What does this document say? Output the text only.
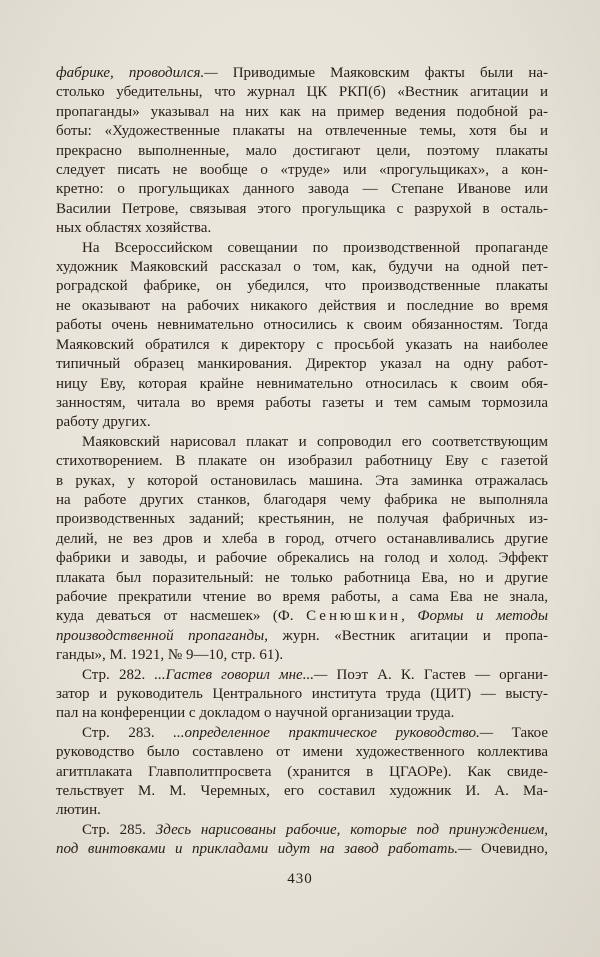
фабрике, проводился.— Приводимые Маяковским факты были на-
столько убедительны, что журнал ЦК РКП(б) «Вестник агитации и
пропаганды» указывал на них как на пример ведения подобной ра-
боты: «Художественные плакаты на отвлеченные темы, хотя бы и
прекрасно выполненные, мало достигают цели, поэтому плакаты
следует писать не вообще о «труде» или «прогульщиках», а кон-
кретно: о прогульщиках данного завода — Степане Иванове или
Василии Петрове, связывая этого прогульщика с разрухой в осталь-
ных областях хозяйства.
На Всероссийском совещании по производственной пропаганде
художник Маяковский рассказал о том, как, будучи на одной пет-
роградской фабрике, он убедился, что производственные плакаты
не оказывают на рабочих никакого действия и последние во время
работы очень невнимательно относились к своим обязанностям. Тогда
Маяковский обратился к директору с просьбой указать на наиболее
типичный образец манкирования. Директор указал на одну работ-
ницу Еву, которая крайне невнимательно относилась к своим обя-
занностям, читала во время работы газеты и тем самым тормозила
работу других.
Маяковский нарисовал плакат и сопроводил его соответствующим
стихотворением. В плакате он изобразил работницу Еву с газетой
в руках, у которой остановилась машина. Эта заминка отражалась
на работе других станков, благодаря чему фабрика не выполняла
производственных заданий; крестьянин, не получая фабричных из-
делий, не вез дров и хлеба в город, отчего останавливались другие
фабрики и заводы, и рабочие обрекались на голод и холод. Эффект
плаката был поразительный: не только работница Ева, но и другие
рабочие прекратили чтение во время работы, а сама Ева не знала,
куда деваться от насмешек» (Ф. Сенюшкин, Формы и методы
производственной пропаганды, журн. «Вестник агитации и пропа-
ганды», М. 1921, № 9—10, стр. 61).
Стр. 282. ...Гастев говорил мне...— Поэт А. К. Гастев — органи-
затор и руководитель Центрального института труда (ЦИТ) — высту-
пал на конференции с докладом о научной организации труда.
Стр. 283. ...определенное практическое руководство.— Такое
руководство было составлено от имени художественного коллектива
агитплаката Главполитпросвета (хранится в ЦГАОРе). Как свиде-
тельствует М. М. Черемных, его составил художник И. А. Ма-
лютин.
Стр. 285. Здесь нарисованы рабочие, которые под принуждением,
под винтовками и прикладами идут на завод работать.— Очевидно,
430
